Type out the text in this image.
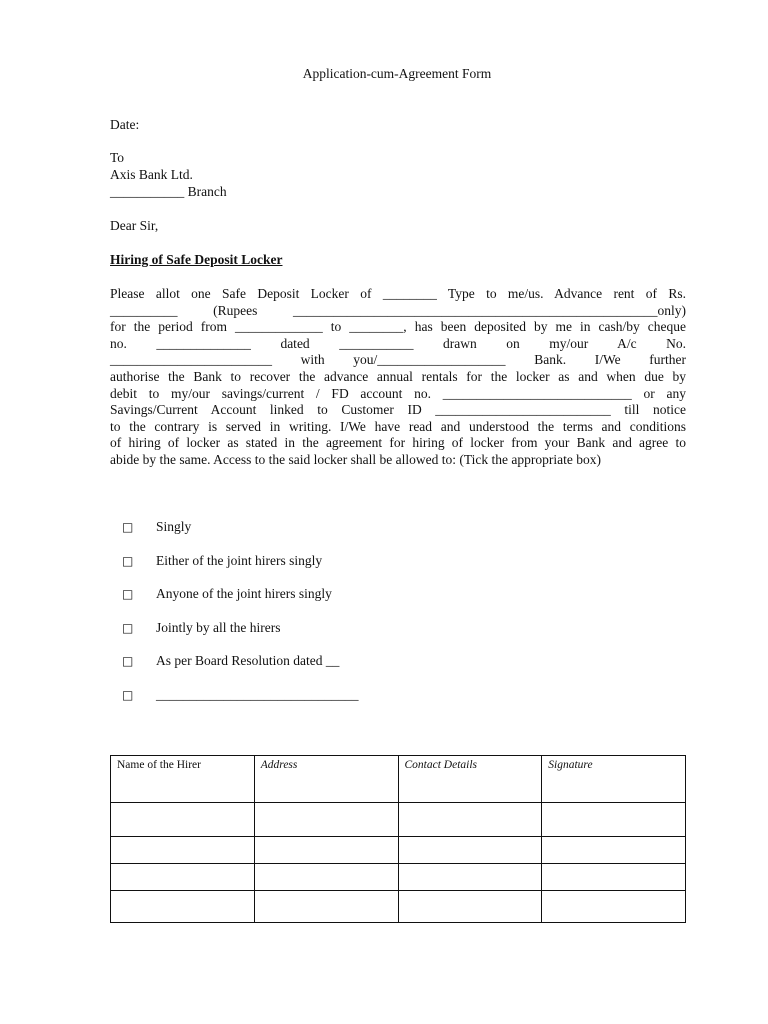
Application-cum-Agreement Form
Date:
To
Axis Bank Ltd.
___________ Branch
Dear Sir,
Hiring of Safe Deposit Locker
Please allot one Safe Deposit Locker of ________ Type to me/us. Advance rent of Rs.
__________ (Rupees ______________________________________________________only)
for the period from _____________ to ________, has been deposited by me in cash/by cheque
no. ______________ dated ___________ drawn on my/our A/c No.
________________________ with you/___________________ Bank. I/We further
authorise the Bank to recover the advance annual rentals for the locker as and when due by
debit to my/our savings/current / FD account no. ____________________________ or any
Savings/Current Account linked to Customer ID __________________________ till notice
to the contrary is served in writing. I/We have read and understood the terms and conditions
of hiring of locker as stated in the agreement for hiring of locker from your Bank and agree to
abide by the same. Access to the said locker shall be allowed to: (Tick the appropriate box)
□ Singly
□ Either of the joint hirers singly
□ Anyone of the joint hirers singly
□ Jointly by all the hirers
□ As per Board Resolution dated __
□ ______________________________
Name of the Hirer	Address	Contact Details	Signature
